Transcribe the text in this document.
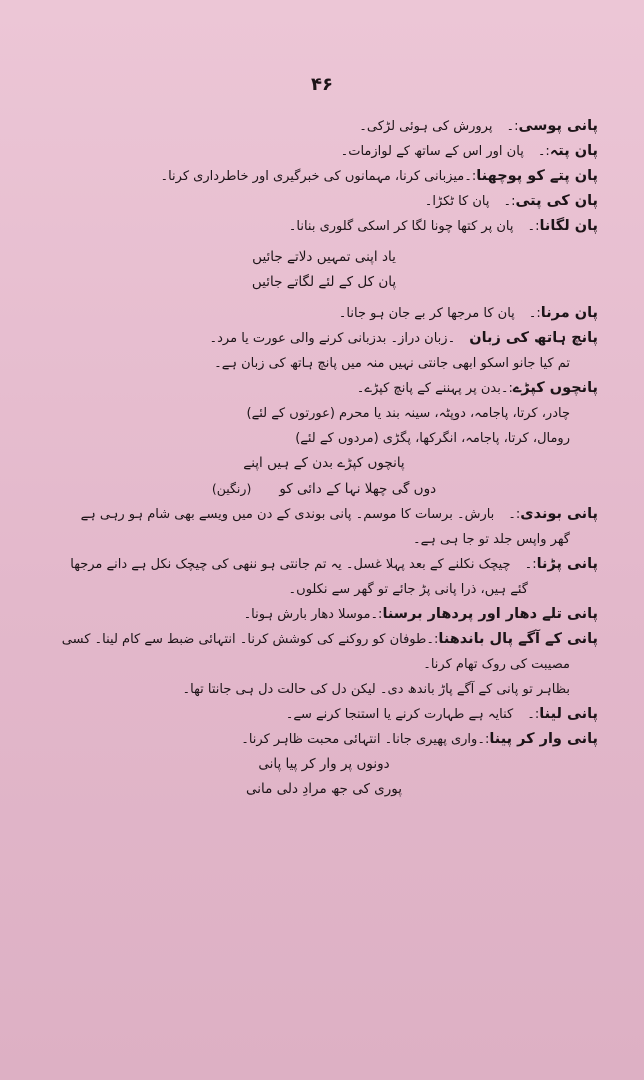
۴۶
پانی پوسی:۔پرورش کی ہوئی لڑکی۔
پان پتہ:۔پان اور اس کے ساتھ کے لوازمات۔
پان پتے کو پوچھنا:۔میزبانی کرنا، مہمانوں کی خبرگیری اور خاطرداری کرنا۔
پان کی پتی:۔پان کا ٹکڑا۔
پان لگانا:۔پان پر کتھا چونا لگا کر اسکی گلوری بنانا۔
یاد اپنی تمہیں دلاتے جائیں
پان کل کے لئے لگاتے جائیں
پان مرنا:۔پان کا مرجھا کر بے جان ہو جانا۔
پانچ ہاتھ کی زبان۔زبان دراز۔ بدزبانی کرنے والی عورت یا مرد۔
تم کیا جانو اسکو ابھی جانتی نہیں منہ میں پانچ ہاتھ کی زبان ہے۔
پانچوں کپڑے:۔بدن پر پہننے کے پانچ کپڑے۔
چادر، کرتا، پاجامہ، دوپٹہ، سینہ بند یا محرم (عورتوں کے لئے)
رومال، کرتا، پاجامہ، انگرکھا، پگڑی (مردوں کے لئے)
پانچوں کپڑے بدن کے ہیں اپنے
دوں گی چھلا نہا کے دائی کو(رنگین)
پانی بوندی:۔بارش۔ برسات کا موسم۔ پانی بوندی کے دن میں ویسے بھی شام ہو رہی ہے
گھر واپس جلد تو جا ہی ہے۔
پانی پڑنا:۔چیچک نکلنے کے بعد پہلا غسل۔ یہ تم جانتی ہو ننھی کی چیچک نکل ہے دانے مرجھا
گئے ہیں، ذرا پانی پڑ جائے تو گھر سے نکلوں۔
پانی تلے دھار اور پردھار برسنا:۔موسلا دھار بارش ہونا۔
پانی کے آگے پال باندھنا:۔طوفان کو روکنے کی کوشش کرنا۔ انتہائی ضبط سے کام لینا۔ کسی
مصیبت کی روک تھام کرنا۔
بظاہر تو پانی کے آگے پاڑ باندھ دی۔ لیکن دل کی حالت دل ہی جانتا تھا۔
پانی لینا:۔کنایہ ہے طہارت کرنے یا استنجا کرنے سے۔
پانی وار کر پینا:۔واری پھیری جانا۔ انتہائی محبت ظاہر کرنا۔
دونوں پر وار کر پیا پانی
پوری کی جھ مرادِ دلی مانی
